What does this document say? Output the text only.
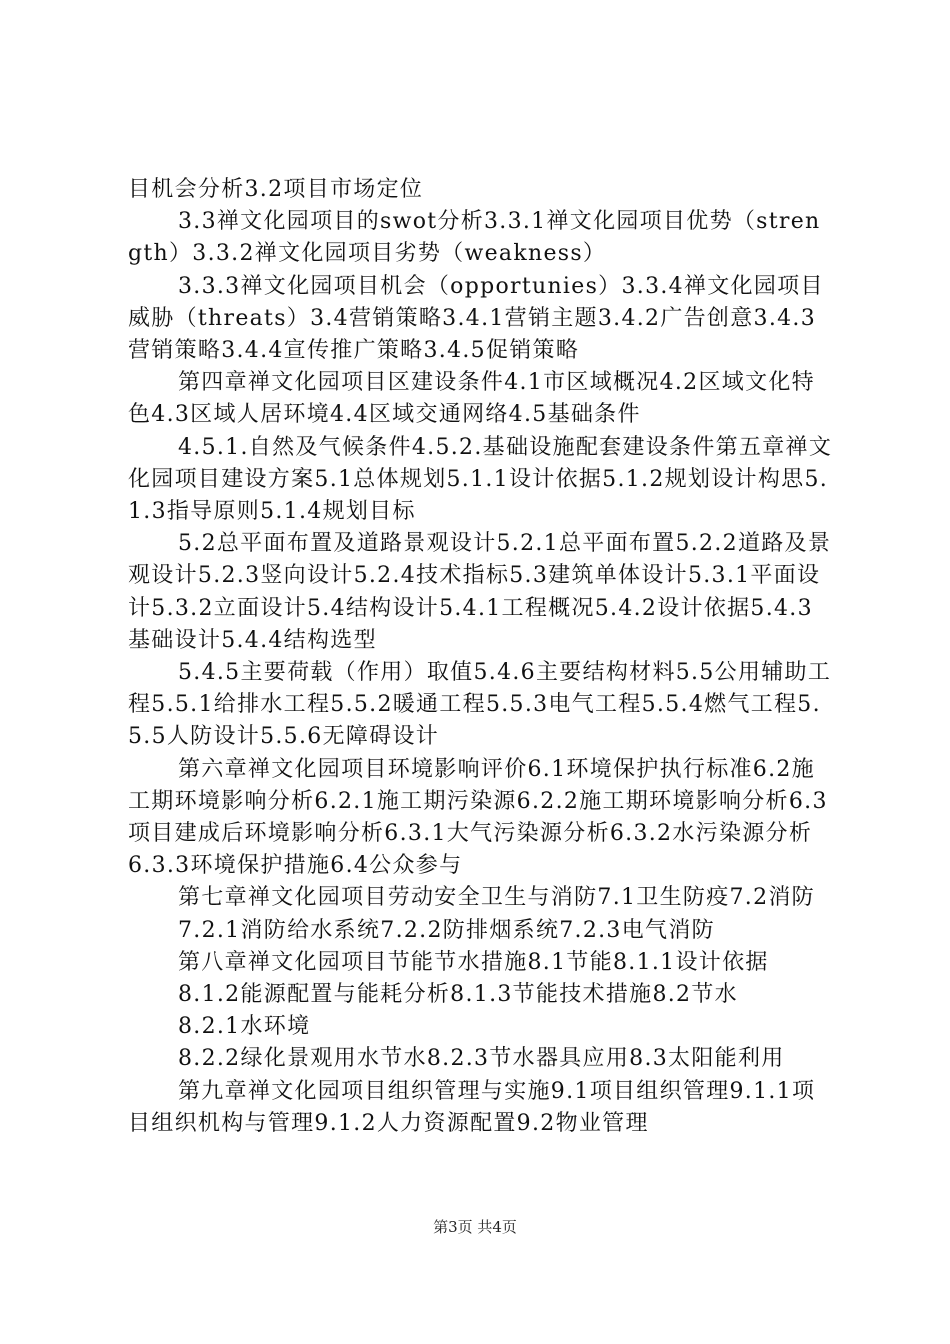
目机会分析3.2项目市场定位

3.3禅文化园项目的swot分析3.3.1禅文化园项目优势（strength）3.3.2禅文化园项目劣势（weakness）

3.3.3禅文化园项目机会（opportunies）3.3.4禅文化园项目威胁（threats）3.4营销策略3.4.1营销主题3.4.2广告创意3.4.3营销策略3.4.4宣传推广策略3.4.5促销策略

第四章禅文化园项目区建设条件4.1市区域概况4.2区域文化特色4.3区域人居环境4.4区域交通网络4.5基础条件

4.5.1.自然及气候条件4.5.2.基础设施配套建设条件第五章禅文化园项目建设方案5.1总体规划5.1.1设计依据5.1.2规划设计构思5.1.3指导原则5.1.4规划目标

5.2总平面布置及道路景观设计5.2.1总平面布置5.2.2道路及景观设计5.2.3竖向设计5.2.4技术指标5.3建筑单体设计5.3.1平面设计5.3.2立面设计5.4结构设计5.4.1工程概况5.4.2设计依据5.4.3基础设计5.4.4结构选型

5.4.5主要荷载（作用）取值5.4.6主要结构材料5.5公用辅助工程5.5.1给排水工程5.5.2暖通工程5.5.3电气工程5.5.4燃气工程5.5.5人防设计5.5.6无障碍设计

第六章禅文化园项目环境影响评价6.1环境保护执行标准6.2施工期环境影响分析6.2.1施工期污染源6.2.2施工期环境影响分析6.3项目建成后环境影响分析6.3.1大气污染源分析6.3.2水污染源分析6.3.3环境保护措施6.4公众参与

第七章禅文化园项目劳动安全卫生与消防7.1卫生防疫7.2消防

7.2.1消防给水系统7.2.2防排烟系统7.2.3电气消防

第八章禅文化园项目节能节水措施8.1节能8.1.1设计依据

8.1.2能源配置与能耗分析8.1.3节能技术措施8.2节水

8.2.1水环境

8.2.2绿化景观用水节水8.2.3节水器具应用8.3太阳能利用

第九章禅文化园项目组织管理与实施9.1项目组织管理9.1.1项目组织机构与管理9.1.2人力资源配置9.2物业管理

第3页 共4页
